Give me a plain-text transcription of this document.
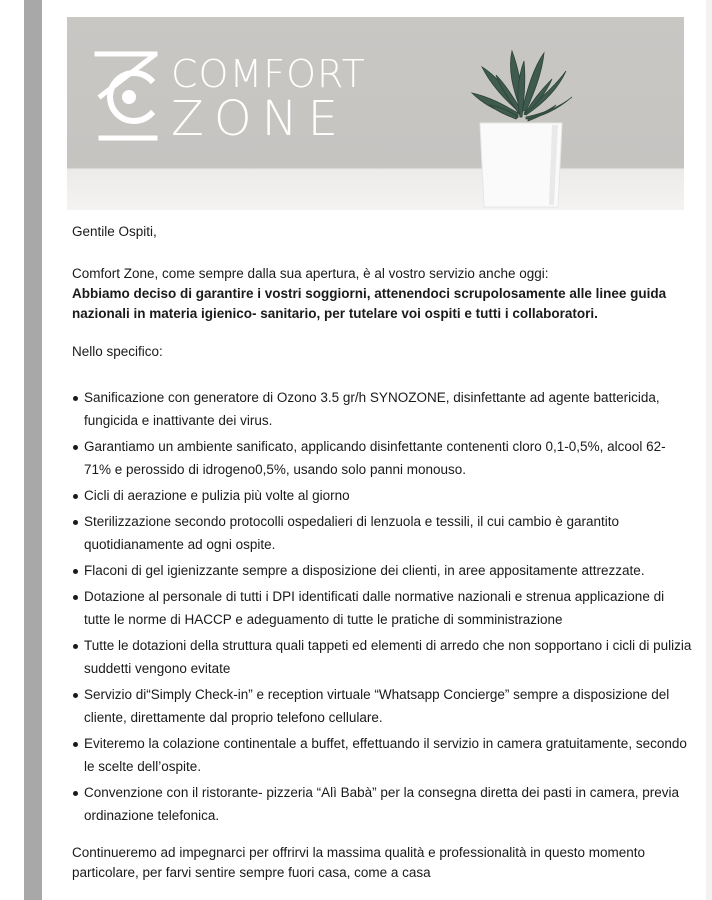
COMFORT
ZONE

Gentile Ospiti,

Comfort Zone, come sempre dalla sua apertura, è al vostro servizio anche oggi:

Abbiamo deciso di garantire i vostri soggiorni, attenendoci scrupolosamente alle linee guida nazionali in materia igienico- sanitario, per tutelare voi ospiti e tutti i collaboratori.

Nello specifico:

Sanificazione con generatore di Ozono 3.5 gr/h SYNOZONE, disinfettante ad agente battericida, fungicida e inattivante dei virus.
Garantiamo un ambiente sanificato, applicando disinfettante contenenti cloro 0,1-0,5%, alcool 62-71% e perossido di idrogeno0,5%, usando solo panni monouso.
Cicli di aerazione e pulizia più volte al giorno
Sterilizzazione secondo protocolli ospedalieri di lenzuola e tessili, il cui cambio è garantito quotidianamente ad ogni ospite.
Flaconi di gel igienizzante sempre a disposizione dei clienti, in aree appositamente attrezzate.
Dotazione al personale di tutti i DPI identificati dalle normative nazionali e strenua applicazione di tutte le norme di HACCP e adeguamento di tutte le pratiche di somministrazione
Tutte le dotazioni della struttura quali tappeti ed elementi di arredo che non sopportano i cicli di pulizia suddetti vengono evitate
Servizio di“Simply Check-in” e reception virtuale “Whatsapp Concierge” sempre a disposizione del cliente, direttamente dal proprio telefono cellulare.
Eviteremo la colazione continentale a buffet, effettuando il servizio in camera gratuitamente, secondo le scelte dell’ospite.
Convenzione con il ristorante- pizzeria “Alì Babà” per la consegna diretta dei pasti in camera, previa ordinazione telefonica.

Continueremo ad impegnarci per offrirvi la massima qualità e professionalità in questo momento particolare, per farvi sentire sempre fuori casa, come a casa
